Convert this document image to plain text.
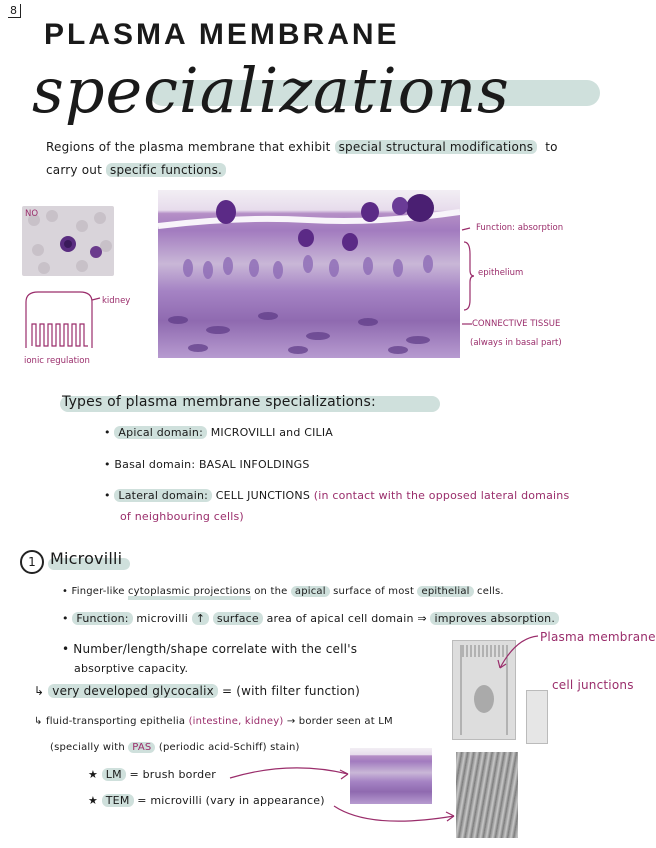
8
PLASMA MEMBRANE
specializations
Regions of the plasma membrane that exhibit special structural modifications to
carry out specific functions.
NO
kidney
ionic regulation
Function: absorption
epithelium
CONNECTIVE TISSUE
(always in basal part)
Types of plasma membrane specializations:
• Apical domain: MICROVILLI and CILIA
• Basal domain: BASAL INFOLDINGS
• Lateral domain: CELL JUNCTIONS (in contact with the opposed lateral domains
of neighbouring cells)
1 Microvilli
• Finger-like cytoplasmic projections on the apical surface of most epithelial cells.
• Function: microvilli ↑ surface area of apical cell domain ⇒ improves absorption.
• Number/length/shape correlate with the cell's
absorptive capacity.
↳ very developed glycocalix = (with filter function)
↳ fluid-transporting epithelia (intestine, kidney) → border seen at LM
(specially with PAS (periodic acid-Schiff) stain)
★ LM = brush border
★ TEM = microvilli (vary in appearance)
Plasma membrane
cell junctions
